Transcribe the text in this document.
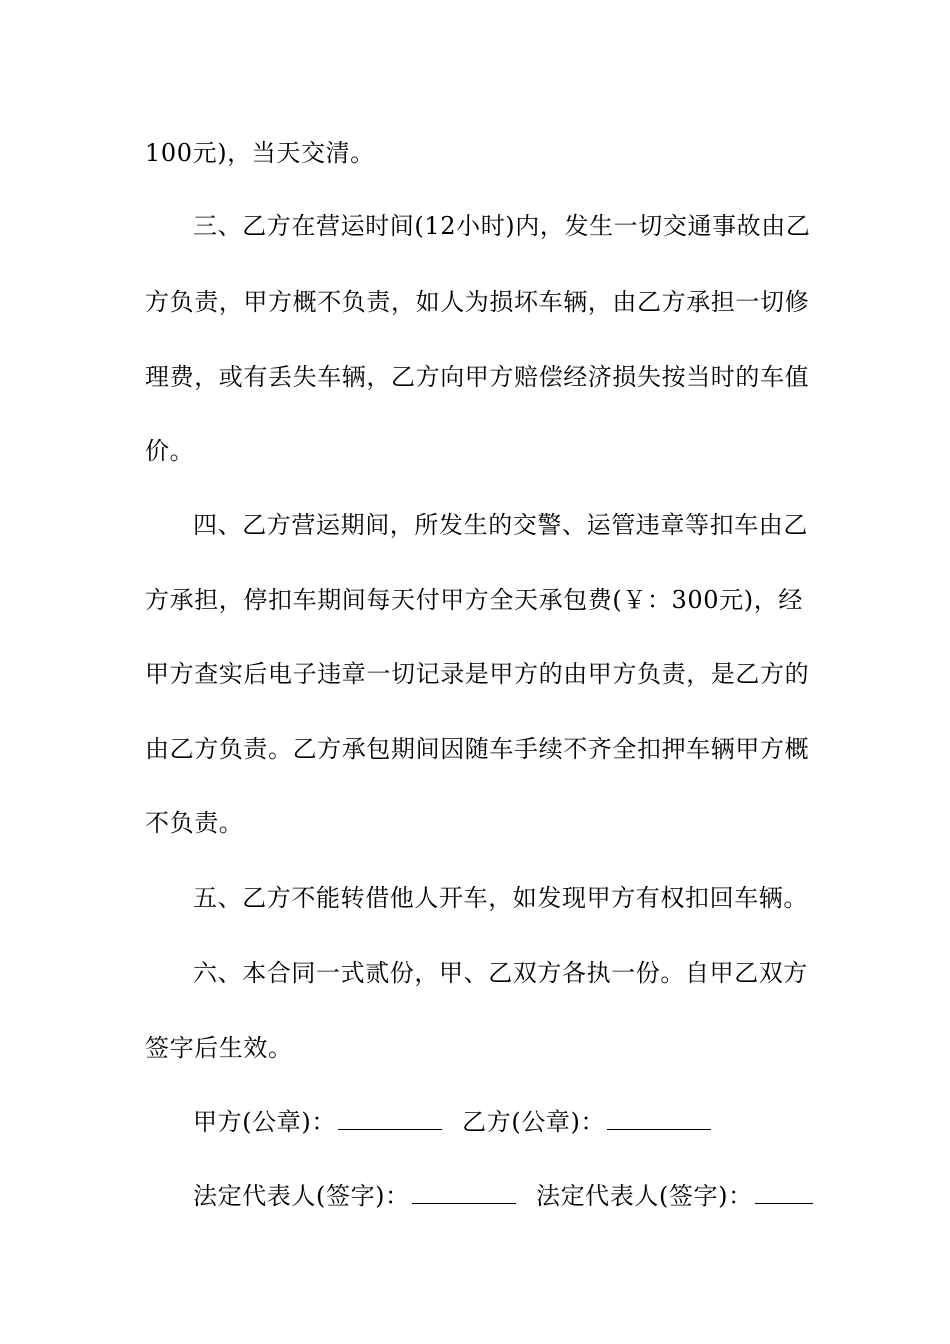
100元)，当天交清。
三、乙方在营运时间(12小时)内，发生一切交通事故由乙
方负责，甲方概不负责，如人为损坏车辆，由乙方承担一切修
理费，或有丢失车辆，乙方向甲方赔偿经济损失按当时的车值
价。
四、乙方营运期间，所发生的交警、运管违章等扣车由乙
方承担，停扣车期间每天付甲方全天承包费(￥：300元)，经
甲方查实后电子违章一切记录是甲方的由甲方负责，是乙方的
由乙方负责。乙方承包期间因随车手续不齐全扣押车辆甲方概
不负责。
五、乙方不能转借他人开车，如发现甲方有权扣回车辆。
六、本合同一式贰份，甲、乙双方各执一份。自甲乙双方
签字后生效。
甲方(公章)：	乙方(公章)：
法定代表人(签字)：	法定代表人(签字)：
